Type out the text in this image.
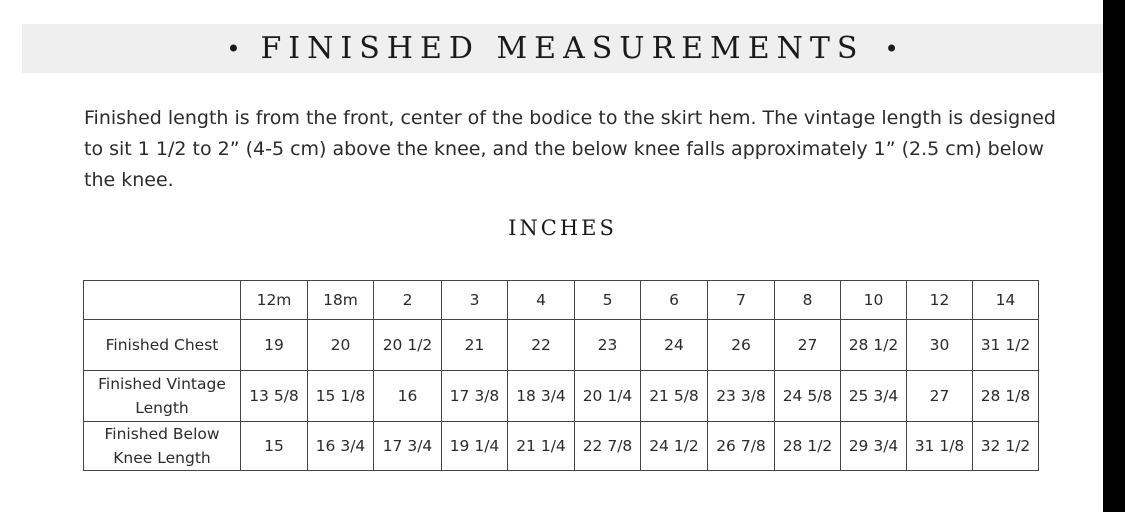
• FINISHED MEASUREMENTS •
Finished length is from the front, center of the bodice to the skirt hem. The vintage length is designed to sit 1 1/2 to 2” (4-5 cm) above the knee, and the below knee falls approximately 1” (2.5 cm) below the knee.
INCHES
	12m	18m	2	3	4	5	6	7	8	10	12	14
Finished Chest	19	20	20 1/2	21	22	23	24	26	27	28 1/2	30	31 1/2
Finished Vintage Length	13 5/8	15 1/8	16	17 3/8	18 3/4	20 1/4	21 5/8	23 3/8	24 5/8	25 3/4	27	28 1/8
Finished Below Knee Length	15	16 3/4	17 3/4	19 1/4	21 1/4	22 7/8	24 1/2	26 7/8	28 1/2	29 3/4	31 1/8	32 1/2
